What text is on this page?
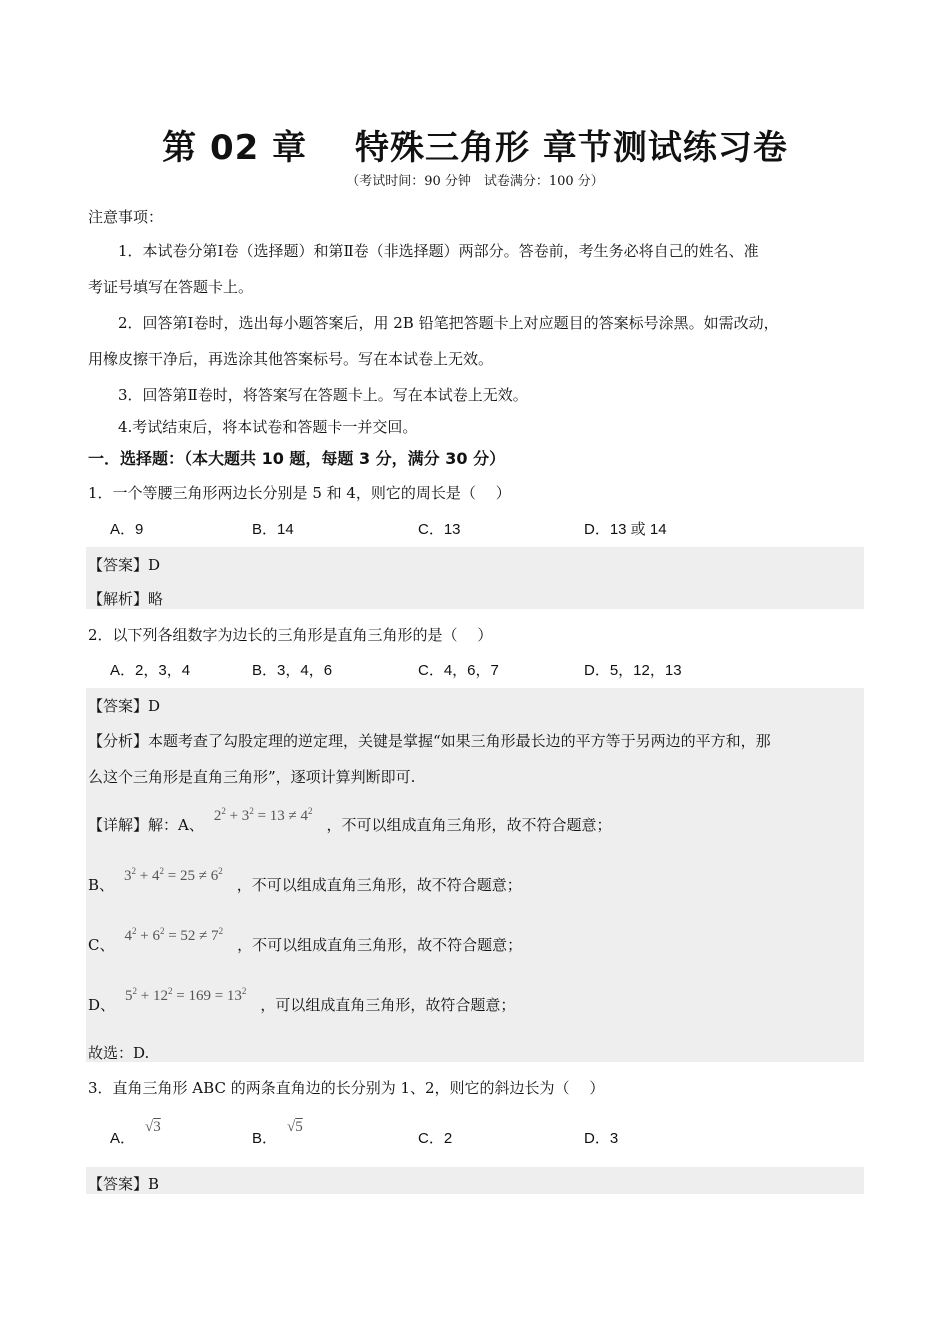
第 02 章　 特殊三角形 章节测试练习卷
（考试时间：90 分钟　试卷满分：100 分）
注意事项：
1．本试卷分第Ⅰ卷（选择题）和第Ⅱ卷（非选择题）两部分。答卷前，考生务必将自己的姓名、准
考证号填写在答题卡上。
2．回答第Ⅰ卷时，选出每小题答案后，用 2B 铅笔把答题卡上对应题目的答案标号涂黑。如需改动，
用橡皮擦干净后，再选涂其他答案标号。写在本试卷上无效。
3．回答第Ⅱ卷时，将答案写在答题卡上。写在本试卷上无效。
4.考试结束后，将本试卷和答题卡一并交回。
一．选择题：（本大题共 10 题，每题 3 分，满分 30 分）
1．一个等腰三角形两边长分别是 5 和 4，则它的周长是（　 ）
A．9	B．14	C．13	D．13 或 14
【答案】D
【解析】略
2．以下列各组数字为边长的三角形是直角三角形的是（　 ）
A．2，3，4	B．3，4，6	C．4，6，7	D．5，12，13
【答案】D
【分析】本题考查了勾股定理的逆定理，关键是掌握“如果三角形最长边的平方等于另两边的平方和，那
么这个三角形是直角三角形”，逐项计算判断即可.
【详解】解：A、 $2^2 + 3^2 = 13 \ne 4^2$，不可以组成直角三角形，故不符合题意；
B、 $3^2 + 4^2 = 25 \ne 6^2$，不可以组成直角三角形，故不符合题意；
C、 $4^2 + 6^2 = 52 \ne 7^2$，不可以组成直角三角形，故不符合题意；
D、 $5^2 + 12^2 = 169 = 13^2$，可以组成直角三角形，故符合题意；
故选：D.
3．直角三角形 ABC 的两条直角边的长分别为 1、2，则它的斜边长为（　 ）
A．√3
B．√5
C．2	D．3
【答案】B
